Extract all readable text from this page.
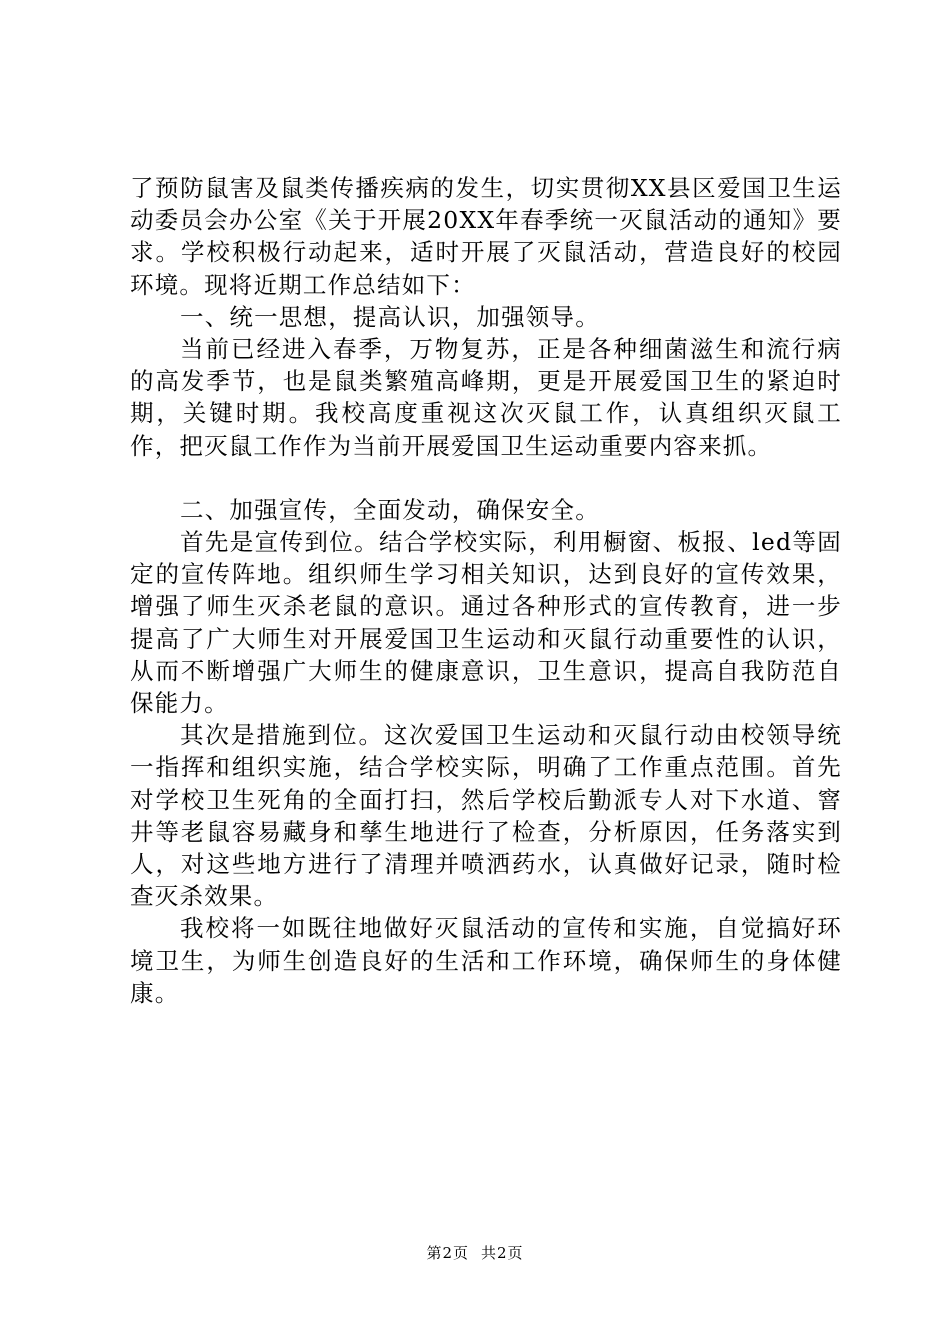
了预防鼠害及鼠类传播疾病的发生，切实贯彻XX县区爱国卫生运动委员会办公室《关于开展20XX年春季统一灭鼠活动的通知》要求。学校积极行动起来，适时开展了灭鼠活动，营造良好的校园环境。现将近期工作总结如下：

一、统一思想，提高认识，加强领导。

当前已经进入春季，万物复苏，正是各种细菌滋生和流行病的高发季节，也是鼠类繁殖高峰期，更是开展爱国卫生的紧迫时期，关键时期。我校高度重视这次灭鼠工作，认真组织灭鼠工作，把灭鼠工作作为当前开展爱国卫生运动重要内容来抓。

二、加强宣传，全面发动，确保安全。

首先是宣传到位。结合学校实际，利用橱窗、板报、led等固定的宣传阵地。组织师生学习相关知识，达到良好的宣传效果，增强了师生灭杀老鼠的意识。通过各种形式的宣传教育，进一步提高了广大师生对开展爱国卫生运动和灭鼠行动重要性的认识，从而不断增强广大师生的健康意识，卫生意识，提高自我防范自保能力。

其次是措施到位。这次爱国卫生运动和灭鼠行动由校领导统一指挥和组织实施，结合学校实际，明确了工作重点范围。首先对学校卫生死角的全面打扫，然后学校后勤派专人对下水道、窨井等老鼠容易藏身和孳生地进行了检查，分析原因，任务落实到人，对这些地方进行了清理并喷洒药水，认真做好记录，随时检查灭杀效果。

我校将一如既往地做好灭鼠活动的宣传和实施，自觉搞好环境卫生，为师生创造良好的生活和工作环境，确保师生的身体健康。

第2页 共2页
